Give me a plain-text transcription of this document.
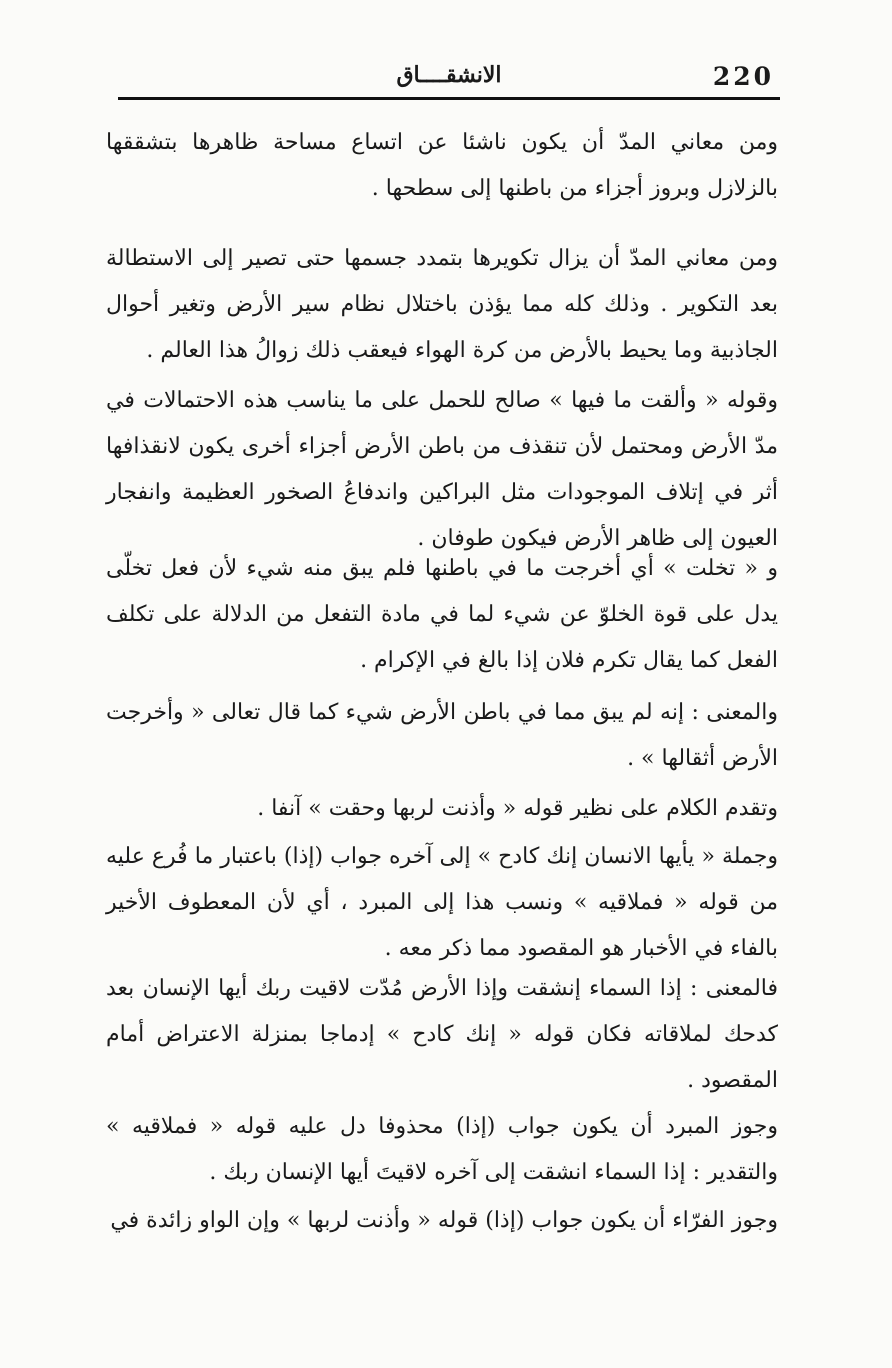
220
الانشقــــاق

ومن معاني المدّ أن يكون ناشئا عن اتساع مساحة ظاهرها بتشققها بالزلازل وبروز أجزاء من باطنها إلى سطحها .

ومن معاني المدّ أن يزال تكويرها بتمدد جسمها حتى تصير إلى الاستطالة بعد التكوير . وذلك كله مما يؤذن باختلال نظام سير الأرض وتغير أحوال الجاذبية وما يحيط بالأرض من كرة الهواء فيعقب ذلك زوالُ هذا العالم .

وقوله « وألقت ما فيها » صالح للحمل على ما يناسب هذه الاحتمالات في مدّ الأرض ومحتمل لأن تنقذف من باطن الأرض أجزاء أخرى يكون لانقذافها أثر في إتلاف الموجودات مثل البراكين واندفاعُ الصخور العظيمة وانفجار العيون إلى ظاهر الأرض فيكون طوفان .

و « تخلت » أي أخرجت ما في باطنها فلم يبق منه شيء لأن فعل تخلّى يدل على قوة الخلوّ عن شيء لما في مادة التفعل من الدلالة على تكلف الفعل كما يقال تكرم فلان إذا بالغ في الإكرام .

والمعنى : إنه لم يبق مما في باطن الأرض شيء كما قال تعالى « وأخرجت الأرض أثقالها » .

وتقدم الكلام على نظير قوله « وأذنت لربها وحقت » آنفا .

وجملة « يأيها الانسان إنك كادح » إلى آخره جواب (إذا) باعتبار ما فُرع عليه من قوله « فملاقيه » ونسب هذا إلى المبرد ، أي لأن المعطوف الأخير بالفاء في الأخبار هو المقصود مما ذكر معه .

فالمعنى : إذا السماء إنشقت وإذا الأرض مُدّت لاقيت ربك أيها الإنسان بعد كدحك لملاقاته فكان قوله « إنك كادح » إدماجا بمنزلة الاعتراض أمام المقصود .

وجوز المبرد أن يكون جواب (إذا) محذوفا دل عليه قوله « فملاقيه » والتقدير : إذا السماء انشقت إلى آخره لاقيتَ أيها الإنسان ربك .

وجوز الفرّاء أن يكون جواب (إذا) قوله « وأذنت لربها » وإن الواو زائدة في
